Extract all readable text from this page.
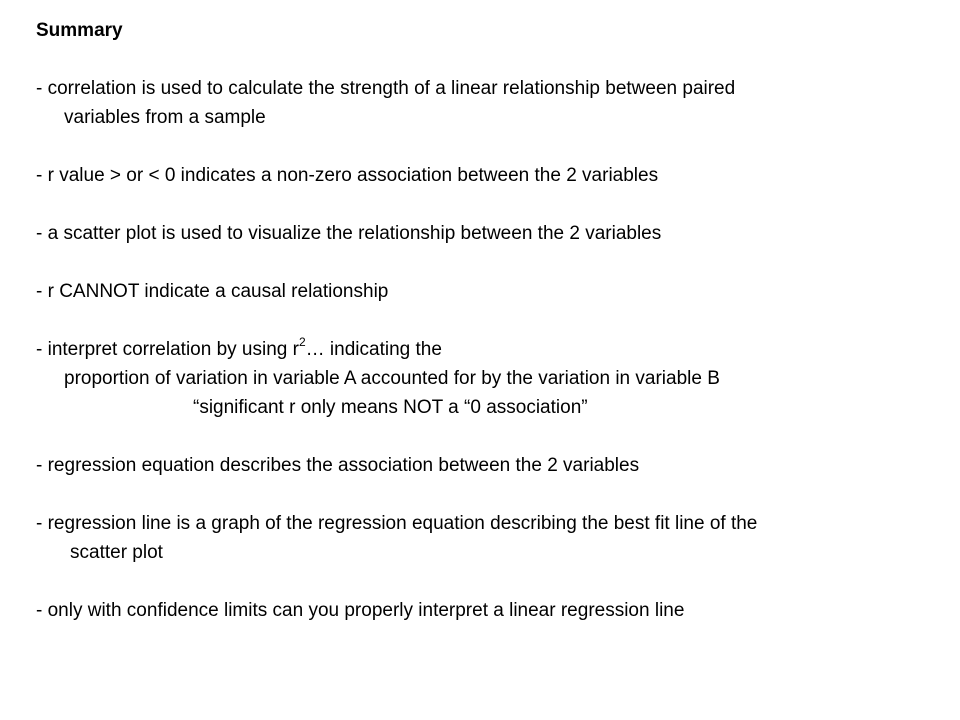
Summary
- correlation is used to calculate the strength of a linear relationship between paired
variables from a sample
- r value > or < 0 indicates a non-zero association between the 2 variables
- a scatter plot is used to visualize the relationship between the 2 variables
- r CANNOT indicate a causal relationship
- interpret correlation by using $r^2\dots$ indicating the
proportion of variation in variable A accounted for by the variation in variable B
“significant r only means NOT a “0 association”
- regression equation describes the association between the 2 variables
- regression line is a graph of the regression equation describing the best fit line of the
scatter plot
- only with confidence limits can you properly interpret a linear regression line
